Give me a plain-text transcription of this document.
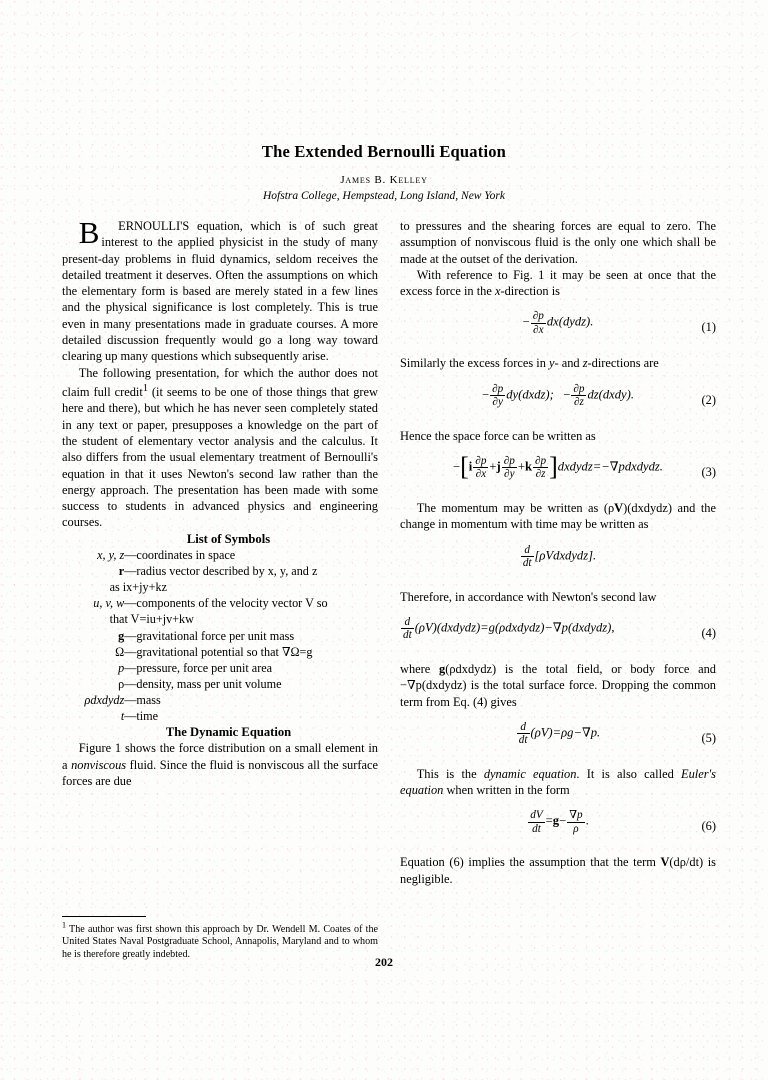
The Extended Bernoulli Equation
James B. Kelley
Hofstra College, Hempstead, Long Island, New York

B ERNOULLI'S equation, which is of such great interest to the applied physicist in the study of many present-day problems in fluid dynamics, seldom receives the detailed treatment it deserves. Often the assumptions on which the elementary form is based are merely stated in a few lines and the physical significance is lost completely. This is true even in many presentations made in graduate courses. A more detailed discussion frequently would go a long way toward clearing up many questions which subsequently arise.

The following presentation, for which the author does not claim full credit$^1$ (it seems to be one of those things that grew here and there), but which he has never seen completely stated in any text or paper, presupposes a knowledge on the part of the student of elementary vector analysis and the calculus. It also differs from the usual elementary treatment of Bernoulli's equation in that it uses Newton's second law rather than the energy approach. The presentation has been made with some success to students in advanced physics and engineering courses.

List of Symbols

x, y, z—coordinates in space
r—radius vector described by x, y, and z
as ix+jy+kz
u, v, w—components of the velocity vector V so
that V=iu+jv+kw
g—gravitational force per unit mass
Ω—gravitational potential so that ∇Ω=g
p—pressure, force per unit area
ρ—density, mass per unit volume
ρdxdydz—mass
t—time

The Dynamic Equation

Figure 1 shows the force distribution on a small element in a nonviscous fluid. Since the fluid is nonviscous all the surface forces are due

$^1$ The author was first shown this approach by Dr. Wendell M. Coates of the United States Naval Postgraduate School, Annapolis, Maryland and to whom he is therefore greatly indebted.

to pressures and the shearing forces are equal to zero. The assumption of nonviscous fluid is the only one which shall be made at the outset of the derivation.

With reference to Fig. 1 it may be seen at once that the excess force in the x-direction is

− $\frac{\partial p}{\partial x}$ dx(dydz).	(1)

Similarly the excess forces in y- and z-directions are

− $\frac{\partial p}{\partial y}$ dy(dxdz); − $\frac{\partial p}{\partial z}$ dz(dxdy).	(2)

Hence the space force can be written as

$-[i \frac{\partial p}{\partial x} +j \frac{\partial p}{\partial y} +k \frac{\partial p}{\partial z}$ ]dxdydz=−∇pdxdydz.	(3)

The momentum may be written as (ρV)(dxdydz) and the change in momentum with time may be written as

$\frac{d}{dt}$ [ρVdxdydz].

Therefore, in accordance with Newton's second law

$\frac{d}{dt}$ (ρV)(dxdydz)=g(ρdxdydz)−∇p(dxdydz),	(4)

where g(ρdxdydz) is the total field, or body force and −∇p(dxdydz) is the total surface force. Dropping the common term from Eq. (4) gives

$\frac{d}{dt} (\rho V)=\rho g-\nabla p$.	(5)

This is the dynamic equation. It is also called Euler's equation when written in the form

$\frac{dV}{dt} =g- \frac{\nabla p}{\rho}$ .	(6)

Equation (6) implies the assumption that the term V(dρ/dt) is negligible.

202
